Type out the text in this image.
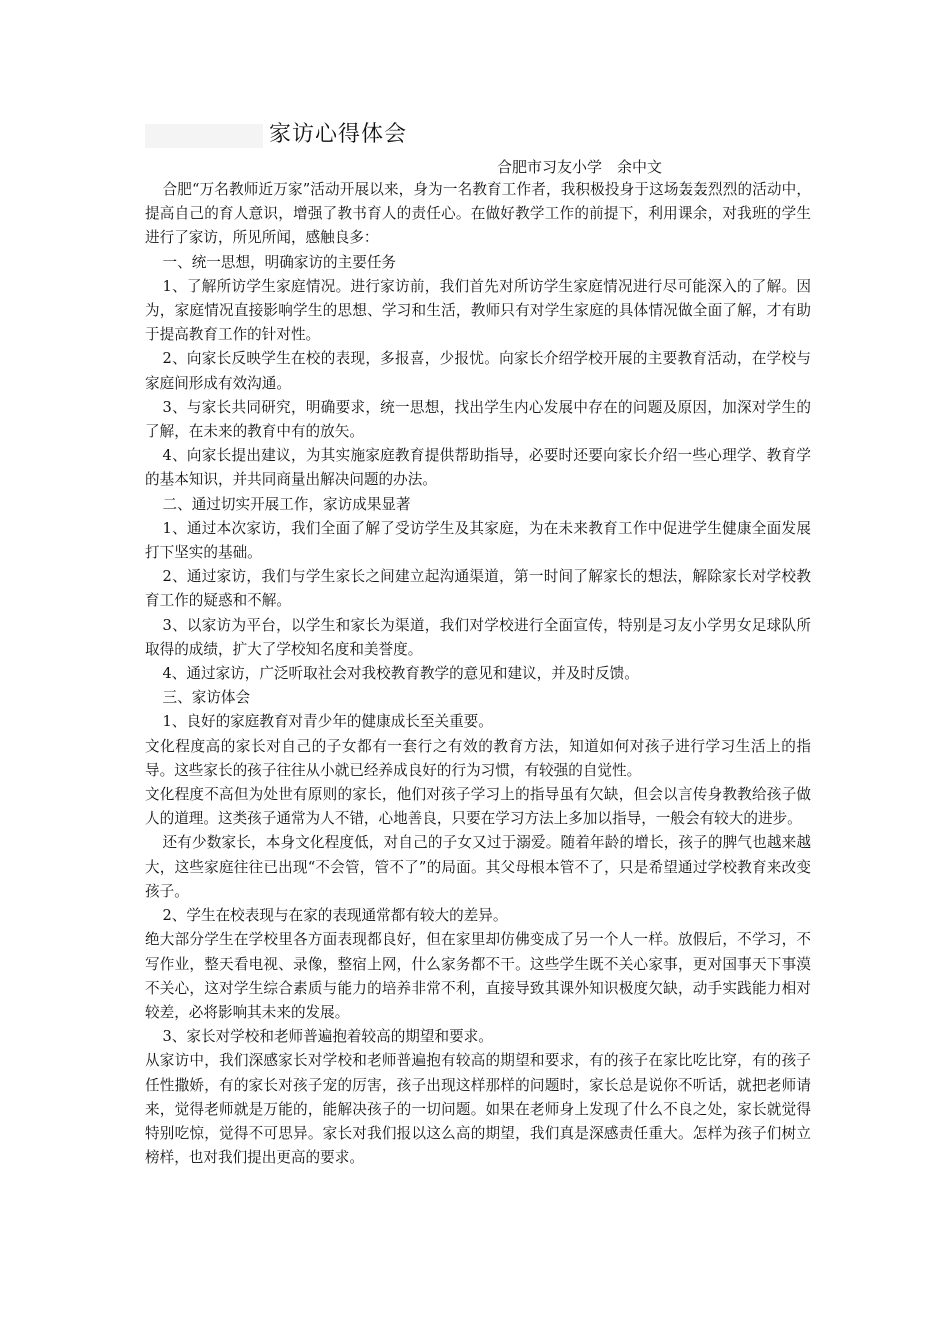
家访心得体会
合肥市习友小学　余中文

合肥“万名教师近万家”活动开展以来，身为一名教育工作者，我积极投身于这场轰轰烈烈的活动中，提高自己的育人意识，增强了教书育人的责任心。在做好教学工作的前提下，利用课余，对我班的学生进行了家访，所见所闻，感触良多：

一、统一思想，明确家访的主要任务

1、了解所访学生家庭情况。进行家访前，我们首先对所访学生家庭情况进行尽可能深入的了解。因为，家庭情况直接影响学生的思想、学习和生活，教师只有对学生家庭的具体情况做全面了解，才有助于提高教育工作的针对性。

2、向家长反映学生在校的表现，多报喜，少报忧。向家长介绍学校开展的主要教育活动，在学校与家庭间形成有效沟通。

3、与家长共同研究，明确要求，统一思想，找出学生内心发展中存在的问题及原因，加深对学生的了解，在未来的教育中有的放矢。

4、向家长提出建议，为其实施家庭教育提供帮助指导，必要时还要向家长介绍一些心理学、教育学的基本知识，并共同商量出解决问题的办法。

二、通过切实开展工作，家访成果显著

1、通过本次家访，我们全面了解了受访学生及其家庭，为在未来教育工作中促进学生健康全面发展打下坚实的基础。

2、通过家访，我们与学生家长之间建立起沟通渠道，第一时间了解家长的想法，解除家长对学校教育工作的疑惑和不解。

3、以家访为平台，以学生和家长为渠道，我们对学校进行全面宣传，特别是习友小学男女足球队所取得的成绩，扩大了学校知名度和美誉度。

4、通过家访，广泛听取社会对我校教育教学的意见和建议，并及时反馈。

三、家访体会

1、良好的家庭教育对青少年的健康成长至关重要。

文化程度高的家长对自己的子女都有一套行之有效的教育方法，知道如何对孩子进行学习生活上的指导。这些家长的孩子往往从小就已经养成良好的行为习惯，有较强的自觉性。

文化程度不高但为处世有原则的家长，他们对孩子学习上的指导虽有欠缺，但会以言传身教教给孩子做人的道理。这类孩子通常为人不错，心地善良，只要在学习方法上多加以指导，一般会有较大的进步。

还有少数家长，本身文化程度低，对自己的子女又过于溺爱。随着年龄的增长，孩子的脾气也越来越大，这些家庭往往已出现“不会管，管不了”的局面。其父母根本管不了，只是希望通过学校教育来改变孩子。

2、学生在校表现与在家的表现通常都有较大的差异。

绝大部分学生在学校里各方面表现都良好，但在家里却仿佛变成了另一个人一样。放假后，不学习，不写作业，整天看电视、录像，整宿上网，什么家务都不干。这些学生既不关心家事，更对国事天下事漠不关心，这对学生综合素质与能力的培养非常不利，直接导致其课外知识极度欠缺，动手实践能力相对较差，必将影响其未来的发展。

3、家长对学校和老师普遍抱着较高的期望和要求。

从家访中，我们深感家长对学校和老师普遍抱有较高的期望和要求，有的孩子在家比吃比穿，有的孩子任性撒娇，有的家长对孩子宠的厉害，孩子出现这样那样的问题时，家长总是说你不听话，就把老师请来，觉得老师就是万能的，能解决孩子的一切问题。如果在老师身上发现了什么不良之处，家长就觉得特别吃惊，觉得不可思异。家长对我们报以这么高的期望，我们真是深感责任重大。怎样为孩子们树立榜样，也对我们提出更高的要求。
